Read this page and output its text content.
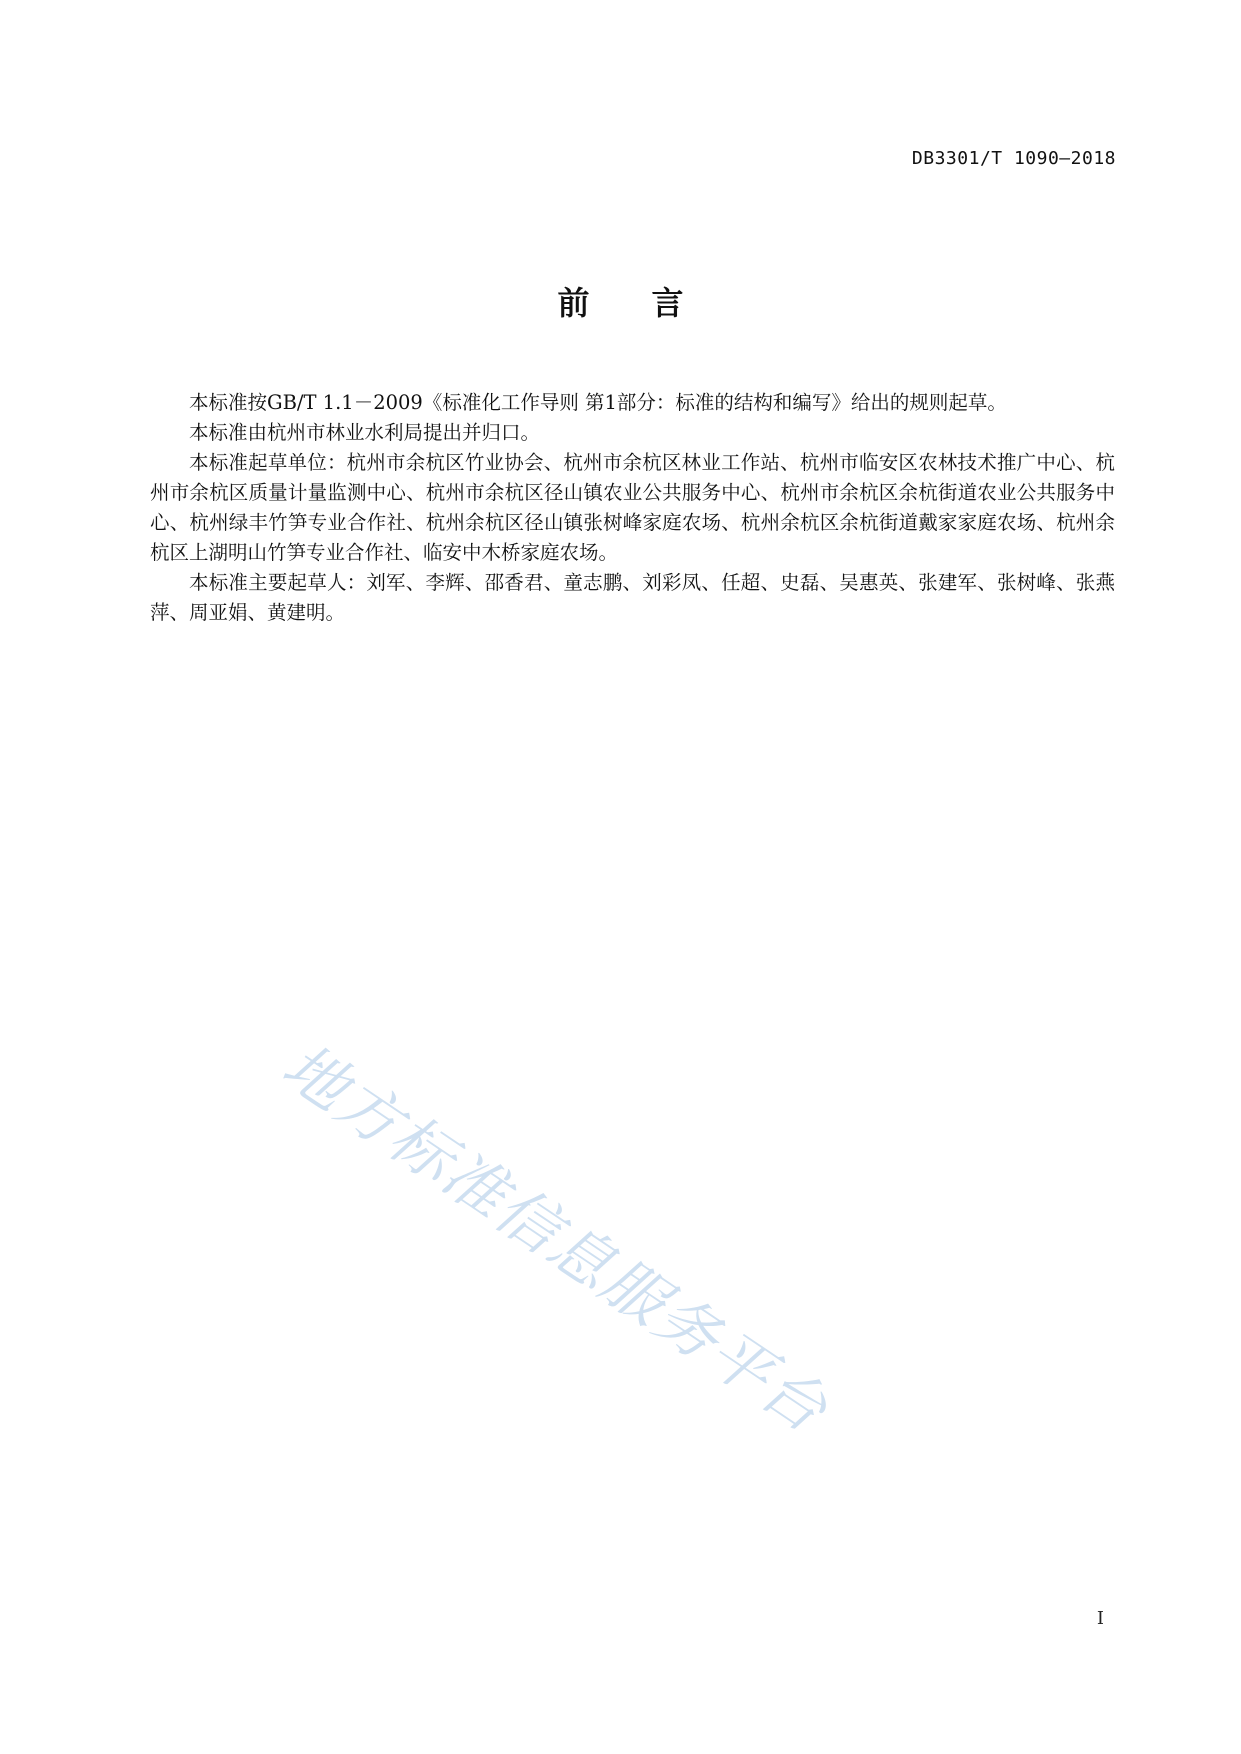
DB3301/T 1090—2018
前言

本标准按GB/T 1.1－2009《标准化工作导则 第1部分：标准的结构和编写》给出的规则起草。

本标准由杭州市林业水利局提出并归口。

本标准起草单位：杭州市余杭区竹业协会、杭州市余杭区林业工作站、杭州市临安区农林技术推广中心、杭州市余杭区质量计量监测中心、杭州市余杭区径山镇农业公共服务中心、杭州市余杭区余杭街道农业公共服务中心、杭州绿丰竹笋专业合作社、杭州余杭区径山镇张树峰家庭农场、杭州余杭区余杭街道戴家家庭农场、杭州余杭区上湖明山竹笋专业合作社、临安中木桥家庭农场。

本标准主要起草人：刘军、李辉、邵香君、童志鹏、刘彩凤、任超、史磊、吴惠英、张建军、张树峰、张燕萍、周亚娟、黄建明。

地方标准信息服务平台
I
